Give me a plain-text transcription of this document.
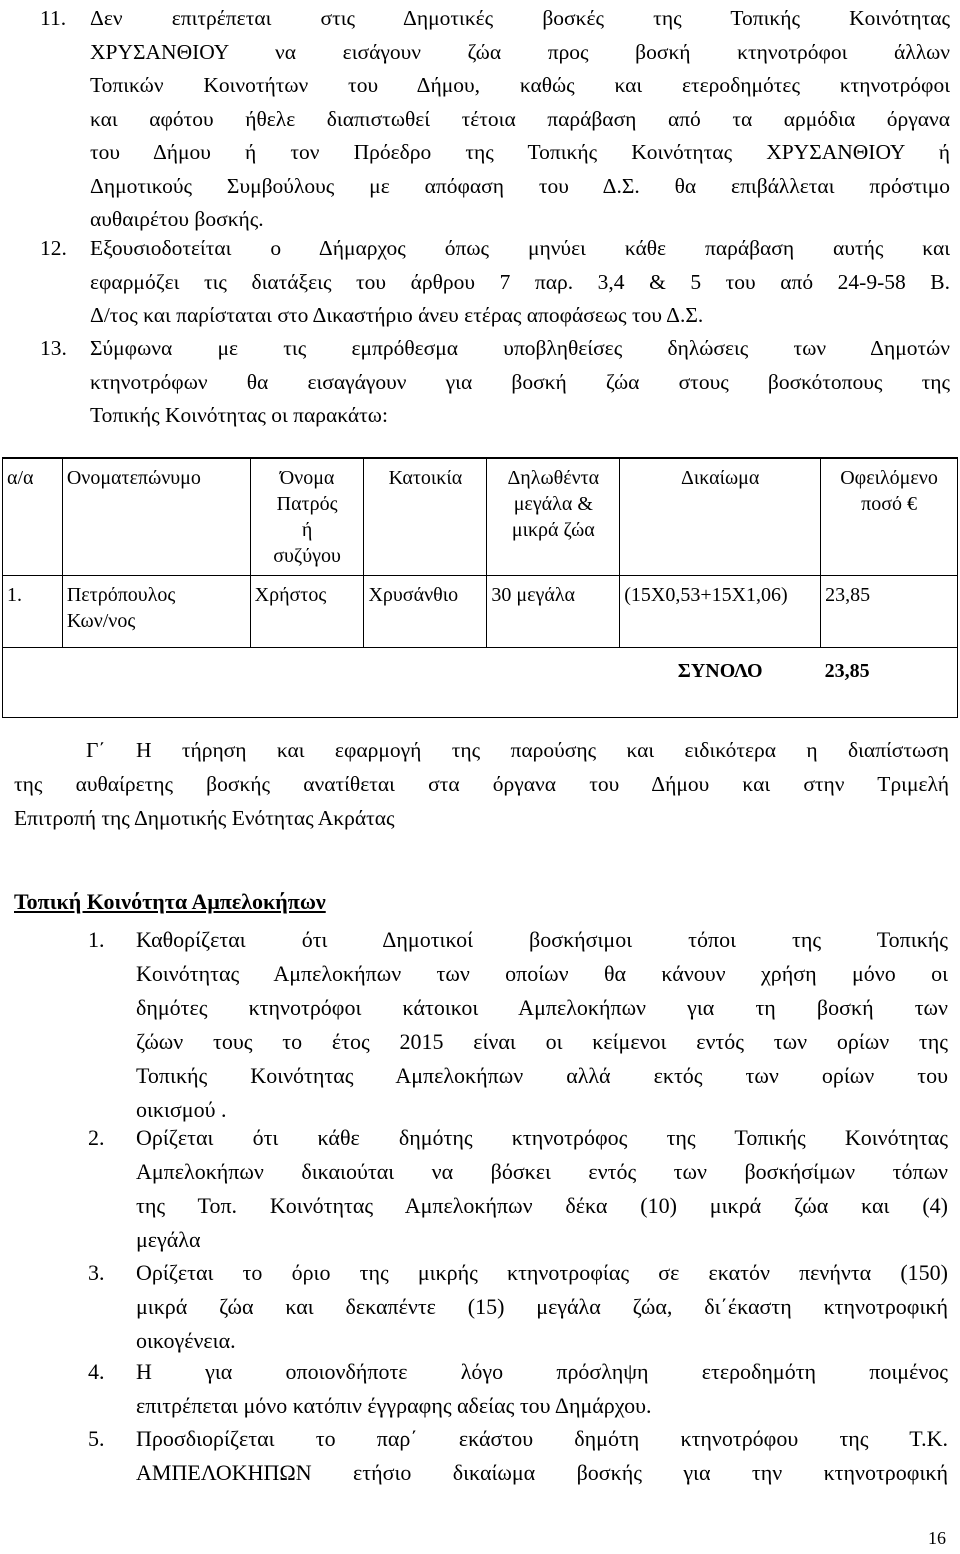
11. Δεν επιτρέπεται στις Δημοτικές βοσκές της Τοπικής Κοινότητας
ΧΡΥΣΑΝΘΙΟΥ να εισάγουν ζώα προς βοσκή κτηνοτρόφοι άλλων
Τοπικών Κοινοτήτων του Δήμου, καθώς και ετεροδημότες κτηνοτρόφοι
και αφότου ήθελε διαπιστωθεί τέτοια παράβαση από τα αρμόδια όργανα
του Δήμου ή τον Πρόεδρο της Τοπικής Κοινότητας ΧΡΥΣΑΝΘΙΟΥ ή
Δημοτικούς Συμβούλους με απόφαση του Δ.Σ. θα επιβάλλεται πρόστιμο
αυθαιρέτου βοσκής.
12. Εξουσιοδοτείται ο Δήμαρχος όπως μηνύει κάθε παράβαση αυτής και
εφαρμόζει τις διατάξεις του άρθρου 7 παρ. 3,4 & 5 του από 24-9-58 Β.
Δ/τος και παρίσταται στο Δικαστήριο άνευ ετέρας αποφάσεως του Δ.Σ.
13. Σύμφωνα με τις εμπρόθεσμα υποβληθείσες δηλώσεις των Δημοτών
κτηνοτρόφων θα εισαγάγουν για βοσκή ζώα στους βοσκότοπους της
Τοπικής Κοινότητας οι παρακάτω:
α/α	Ονοματεπώνυμο	Όνομα
Πατρός
ή
συζύγου	Κατοικία	Δηλωθέντα
μεγάλα &
μικρά ζώα	Δικαίωμα	Οφειλόμενο
ποσό €
1.	Πετρόπουλος
Κων/νος	Χρήστος	Χρυσάνθιο	30 μεγάλα	(15Χ0,53+15Χ1,06)	23,85
					ΣΥΝΟΛΟ	23,85
Γ΄ Η τήρηση και εφαρμογή της παρούσης και ειδικότερα η διαπίστωση
της αυθαίρετης βοσκής ανατίθεται στα όργανα του Δήμου και στην Τριμελή
Επιτροπή της Δημοτικής Ενότητας Ακράτας
Τοπική Κοινότητα Αμπελοκήπων
1. Καθορίζεται ότι Δημοτικοί βοσκήσιμοι τόποι της Τοπικής
Κοινότητας Αμπελοκήπων των οποίων θα κάνουν χρήση μόνο οι
δημότες κτηνοτρόφοι κάτοικοι Αμπελοκήπων για τη βοσκή των
ζώων τους το έτος 2015 είναι οι κείμενοι εντός των ορίων της
Τοπικής Κοινότητας Αμπελοκήπων αλλά εκτός των ορίων του
οικισμού .
2. Ορίζεται ότι κάθε δημότης κτηνοτρόφος της Τοπικής Κοινότητας
Αμπελοκήπων δικαιούται να βόσκει εντός των βοσκήσίμων τόπων
της Τοπ. Κοινότητας Αμπελοκήπων δέκα (10) μικρά ζώα και (4)
μεγάλα
3. Ορίζεται το όριο της μικρής κτηνοτροφίας σε εκατόν πενήντα (150)
μικρά ζώα και δεκαπέντε (15) μεγάλα ζώα, δι΄έκαστη κτηνοτροφική
οικογένεια.
4. Η για οποιονδήποτε λόγο πρόσληψη ετεροδημότη ποιμένος
επιτρέπεται μόνο κατόπιν έγγραφης αδείας του Δημάρχου.
5. Προσδιορίζεται το παρ΄ εκάστου δημότη κτηνοτρόφου της Τ.Κ.
ΑΜΠΕΛΟΚΗΠΩΝ ετήσιο δικαίωμα βοσκής για την κτηνοτροφική
16
